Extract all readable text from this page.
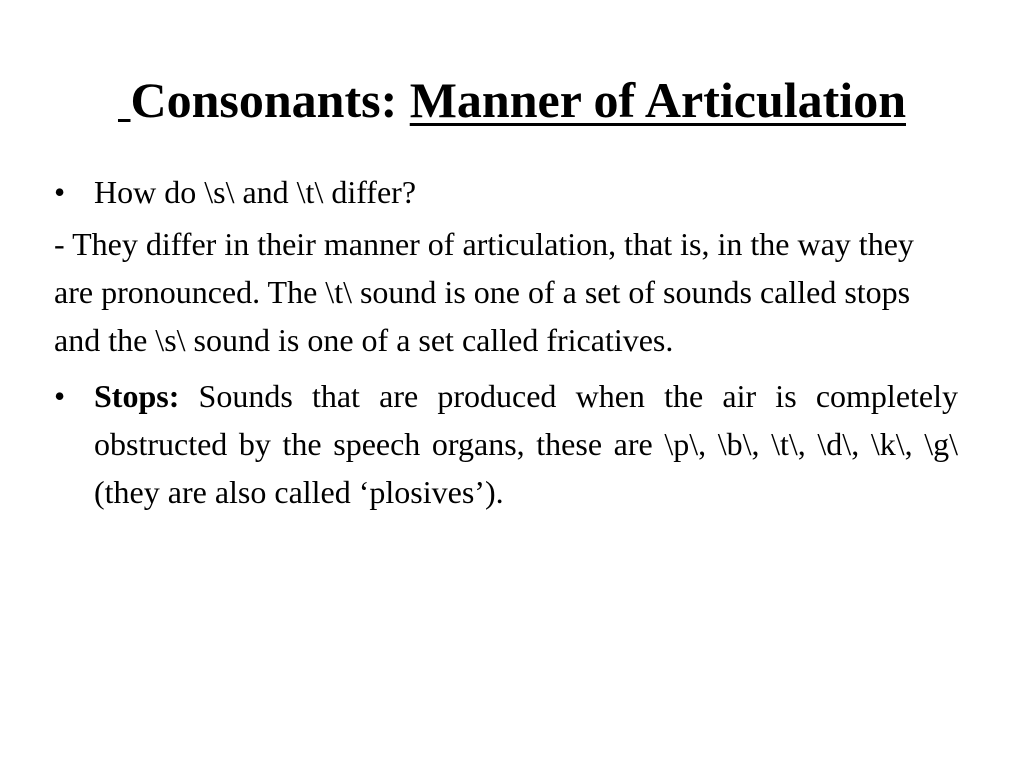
Consonants: Manner of Articulation
• How do \s\ and \t\ differ?

- They differ in their manner of articulation, that is, in the way they are pronounced. The \t\ sound is one of a set of sounds called stops and the \s\ sound is one of a set called fricatives.

• Stops: Sounds that are produced when the air is completely obstructed by the speech organs, these are \p\, \b\, \t\, \d\, \k\, \g\ (they are also called ‘plosives’).
